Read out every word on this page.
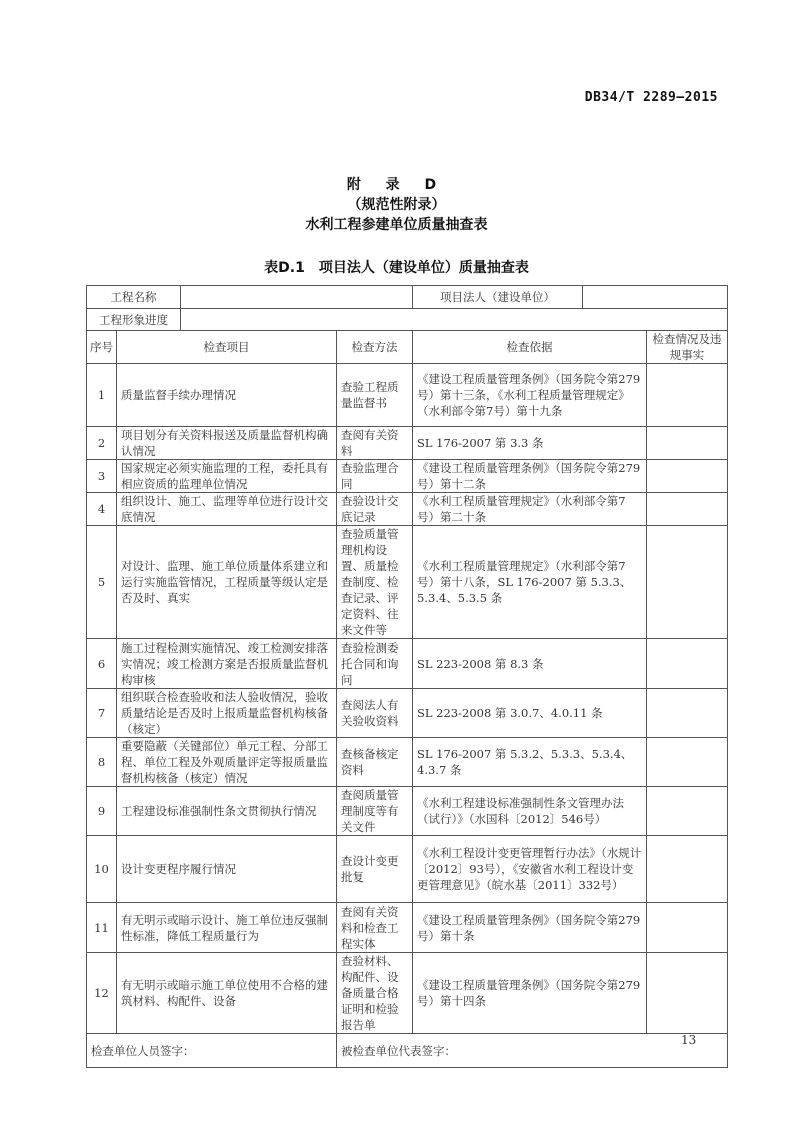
DB34/T 2289—2015
附 录 D
（规范性附录）
水利工程参建单位质量抽查表
表D.1　项目法人（建设单位）质量抽查表
工程名称				项目法人（建设单位）		
工程形象进度						
序号	检查项目		检查方法	检查依据		检查情况及违规事实
1	质量监督手续办理情况		查验工程质量监督书	《建设工程质量管理条例》（国务院令第279号）第十三条，《水利工程质量管理规定》（水利部令第7号）第十九条		
2	项目划分有关资料报送及质量监督机构确认情况		查阅有关资料	SL 176-2007 第 3.3 条		
3	国家规定必须实施监理的工程，委托具有相应资质的监理单位情况		查验监理合同	《建设工程质量管理条例》（国务院令第279号）第十二条		
4	组织设计、施工、监理等单位进行设计交底情况		查验设计交底记录	《水利工程质量管理规定》（水利部令第7号）第二十条		
5	对设计、监理、施工单位质量体系建立和运行实施监管情况，工程质量等级认定是否及时、真实		查验质量管理机构设置、质量检查制度、检查记录、评定资料、往来文件等	《水利工程质量管理规定》（水利部令第7号）第十八条，SL 176-2007 第 5.3.3、5.3.4、5.3.5 条		
6	施工过程检测实施情况、竣工检测安排落实情况；竣工检测方案是否报质量监督机构审核		查验检测委托合同和询问	SL 223-2008 第 8.3 条		
7	组织联合检查验收和法人验收情况，验收质量结论是否及时上报质量监督机构核备（核定）		查阅法人有关验收资料	SL 223-2008 第 3.0.7、4.0.11 条		
8	重要隐蔽（关键部位）单元工程、分部工程、单位工程及外观质量评定等报质量监督机构核备（核定）情况		查核备核定资料	SL 176-2007 第 5.3.2、5.3.3、5.3.4、4.3.7 条		
9	工程建设标准强制性条文贯彻执行情况		查阅质量管理制度等有关文件	《水利工程建设标准强制性条文管理办法（试行）》（水国科〔2012〕546号）		
10	设计变更程序履行情况		查设计变更批复	《水利工程设计变更管理暂行办法》（水规计〔2012〕93号），《安徽省水利工程设计变更管理意见》（皖水基〔2011〕332号）		
11	有无明示或暗示设计、施工单位违反强制性标准，降低工程质量行为		查阅有关资料和检查工程实体	《建设工程质量管理条例》（国务院令第279号）第十条		
12	有无明示或暗示施工单位使用不合格的建筑材料、构配件、设备		查验材料、构配件、设备质量合格证明和检验报告单	《建设工程质量管理条例》（国务院令第279号）第十四条		
检查单位人员签字：			被检查单位代表签字：			
13
